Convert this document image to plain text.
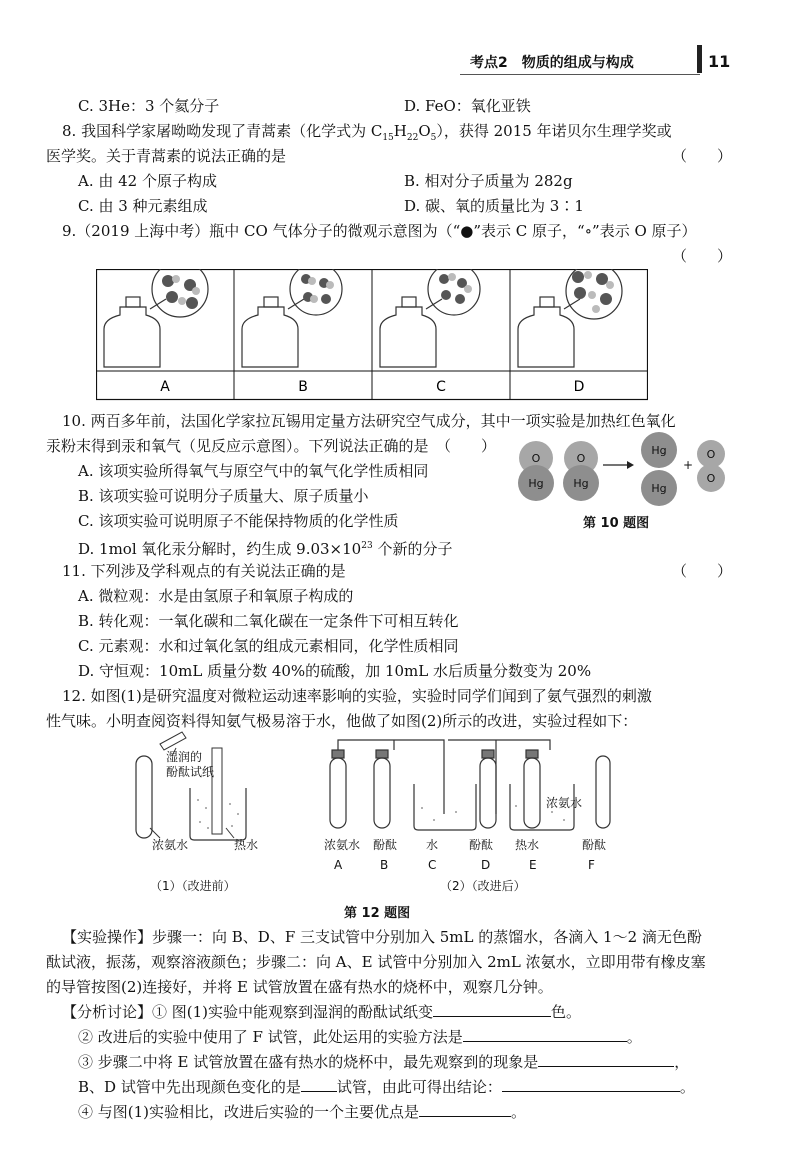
考点2　物质的组成与构成	11
C. 3He：3 个氦分子	D. FeO：氧化亚铁
8. 我国科学家屠呦呦发现了青蒿素（化学式为 $C_{15}H_{22}O_5$），获得 2015 年诺贝尔生理学奖或
医学奖。关于青蒿素的说法正确的是	（　　）
A. 由 42 个原子构成	B. 相对分子质量为 282g
C. 由 3 种元素组成	D. 碳、氧的质量比为 3∶1
9.（2019 上海中考）瓶中 CO 气体分子的微观示意图为（“●”表示 C 原子，“∘”表示 O 原子）
（　　）
A	B	C	D
10. 两百多年前，法国化学家拉瓦锡用定量方法研究空气成分，其中一项实验是加热红色氧化
汞粉末得到汞和氧气（见反应示意图）。下列说法正确的是　（　　）
A. 该项实验所得氧气与原空气中的氧气化学性质相同
B. 该项实验可说明分子质量大、原子质量小
C. 该项实验可说明原子不能保持物质的化学性质
D. 1mol 氧化汞分解时，约生成 $9.03\times 10^{23}$ 个新的分子
O
Hg
O
Hg
Hg
Hg
+
O
O
第 10 题图
11. 下列涉及学科观点的有关说法正确的是	（　　）
A. 微粒观：水是由氢原子和氧原子构成的
B. 转化观：一氧化碳和二氧化碳在一定条件下可相互转化
C. 元素观：水和过氧化氢的组成元素相同，化学性质相同
D. 守恒观：10mL 质量分数 40%的硫酸，加 10mL 水后质量分数变为 20%
12. 如图(1)是研究温度对微粒运动速率影响的实验，实验时同学们闻到了氨气强烈的刺激
性气味。小明查阅资料得知氨气极易溶于水，他做了如图(2)所示的改进，实验过程如下：
湿润的
酚酞试纸
浓氨水	热水
（1）（改进前）
浓氨水
浓氨水 酚酞 水	酚酞 热水	酚酞
A	B	C	D	E	F
（2）（改进后）
第 12 题图
【实验操作】步骤一：向 B、D、F 三支试管中分别加入 5mL 的蒸馏水，各滴入 1～2 滴无色酚
酞试液，振荡，观察溶液颜色；步骤二：向 A、E 试管中分别加入 2mL 浓氨水，立即用带有橡皮塞
的导管按图(2)连接好，并将 E 试管放置在盛有热水的烧杯中，观察几分钟。
【分析讨论】① 图(1)实验中能观察到湿润的酚酞试纸变	色。
② 改进后的实验中使用了 F 试管，此处运用的实验方法是	。
③ 步骤二中将 E 试管放置在盛有热水的烧杯中，最先观察到的现象是	，
B、D 试管中先出现颜色变化的是 试管，由此可得出结论：	。
④ 与图(1)实验相比，改进后实验的一个主要优点是	。
